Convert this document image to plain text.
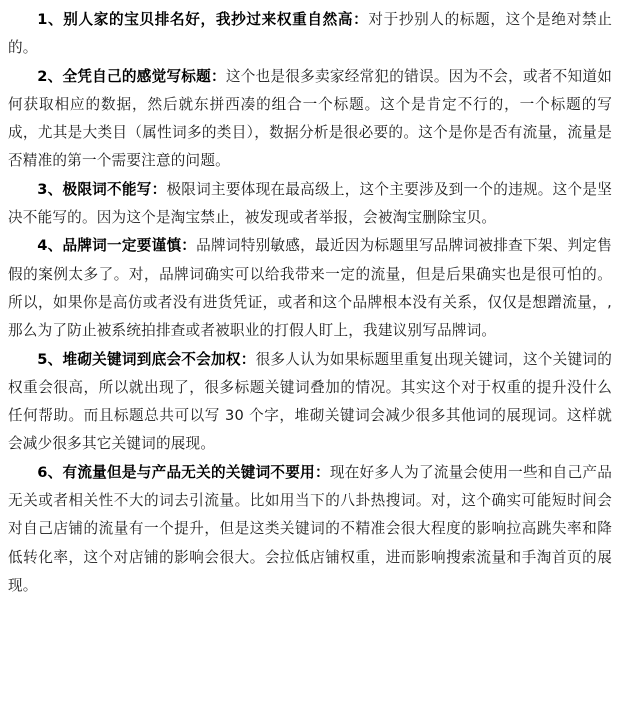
1、别人家的宝贝排名好，我抄过来权重自然高：对于抄别人的标题，这个是绝对禁止的。

2、全凭自己的感觉写标题：这个也是很多卖家经常犯的错误。因为不会，或者不知道如何获取相应的数据，然后就东拼西凑的组合一个标题。这个是肯定不行的，一个标题的写成，尤其是大类目（属性词多的类目），数据分析是很必要的。这个是你是否有流量，流量是否精准的第一个需要注意的问题。

3、极限词不能写：极限词主要体现在最高级上，这个主要涉及到一个的违规。这个是坚决不能写的。因为这个是淘宝禁止，被发现或者举报，会被淘宝删除宝贝。

4、品牌词一定要谨慎：品牌词特别敏感，最近因为标题里写品牌词被排查下架、判定售假的案例太多了。对，品牌词确实可以给我带来一定的流量，但是后果确实也是很可怕的。所以，如果你是高仿或者没有进货凭证，或者和这个品牌根本没有关系，仅仅是想蹭流量，,那么为了防止被系统拍排查或者被职业的打假人盯上，我建议别写品牌词。

5、堆砌关键词到底会不会加权：很多人认为如果标题里重复出现关键词，这个关键词的权重会很高，所以就出现了，很多标题关键词叠加的情况。其实这个对于权重的提升没什么任何帮助。而且标题总共可以写 30 个字，堆砌关键词会减少很多其他词的展现词。这样就会减少很多其它关键词的展现。

6、有流量但是与产品无关的关键词不要用：现在好多人为了流量会使用一些和自己产品无关或者相关性不大的词去引流量。比如用当下的八卦热搜词。对，这个确实可能短时间会对自己店铺的流量有一个提升，但是这类关键词的不精准会很大程度的影响拉高跳失率和降低转化率，这个对店铺的影响会很大。会拉低店铺权重，进而影响搜索流量和手淘首页的展现。
